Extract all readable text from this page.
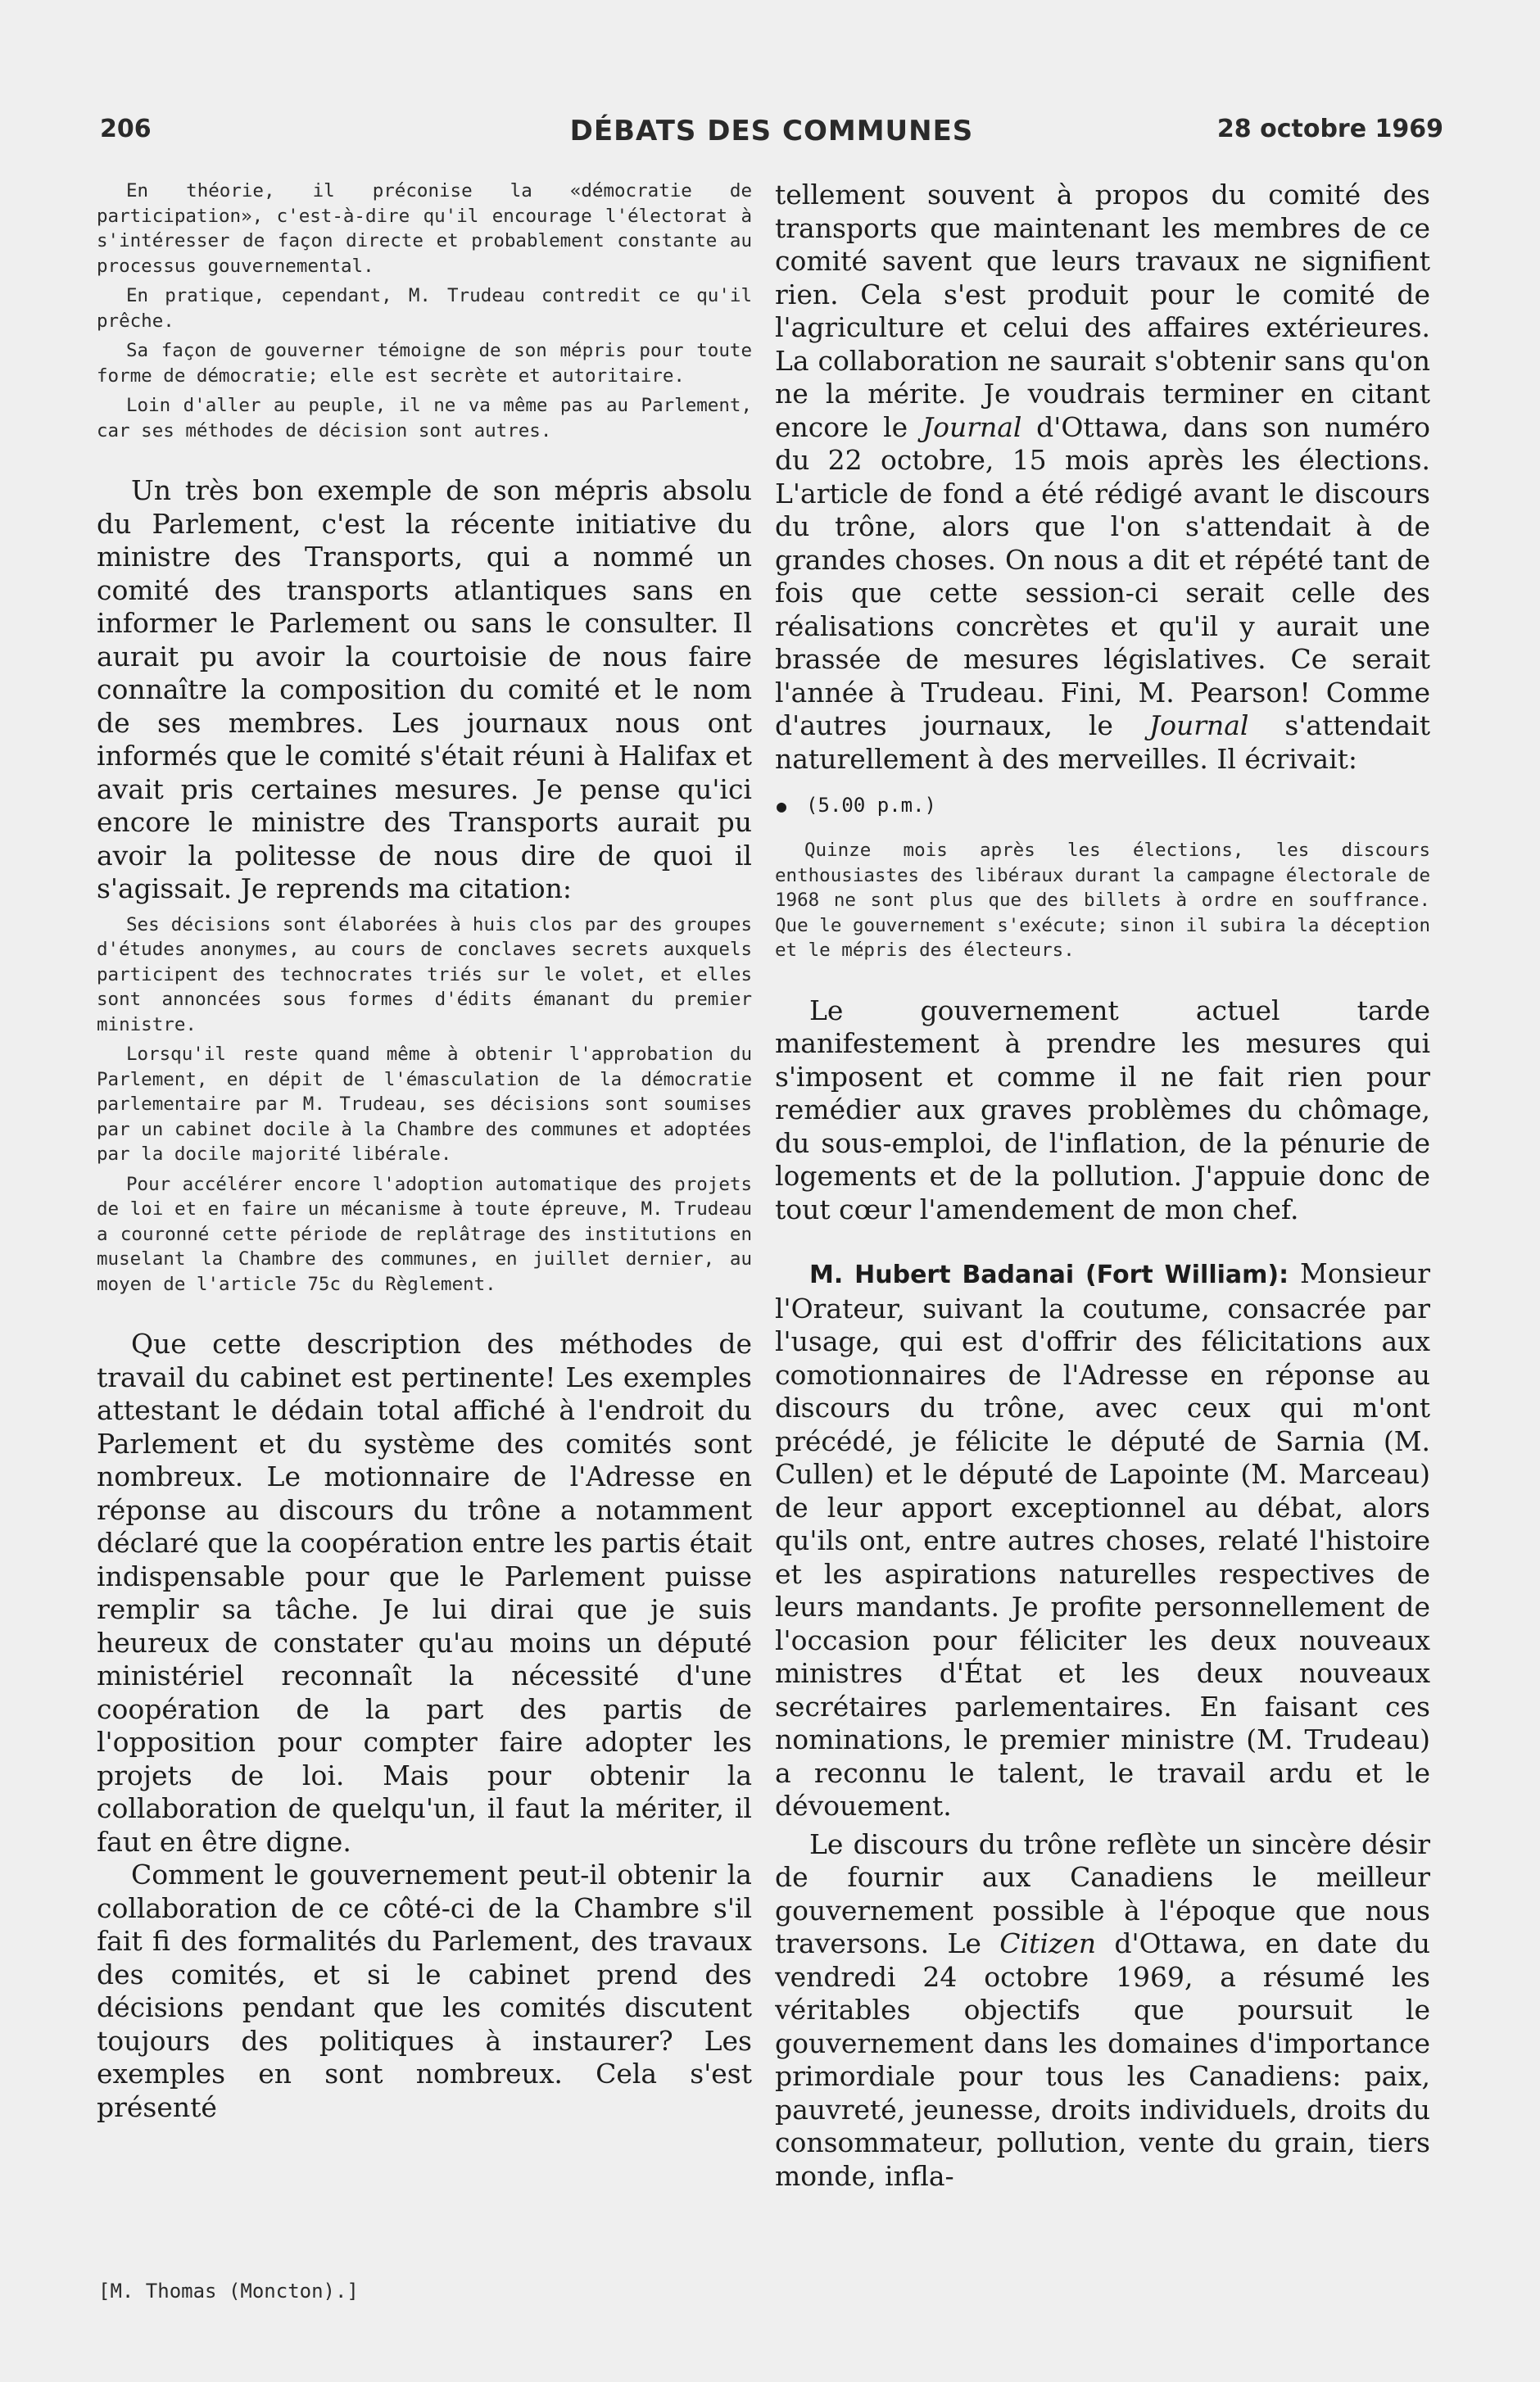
206	DÉBATS DES COMMUNES	28 octobre 1969

En théorie, il préconise la «démocratie de participation», c'est-à-dire qu'il encourage l'électorat à s'intéresser de façon directe et probablement constante au processus gouvernemental.

En pratique, cependant, M. Trudeau contredit ce qu'il prêche.

Sa façon de gouverner témoigne de son mépris pour toute forme de démocratie; elle est secrète et autoritaire.

Loin d'aller au peuple, il ne va même pas au Parlement, car ses méthodes de décision sont autres.

Un très bon exemple de son mépris absolu du Parlement, c'est la récente initiative du ministre des Transports, qui a nommé un comité des transports atlantiques sans en informer le Parlement ou sans le consulter. Il aurait pu avoir la courtoisie de nous faire connaître la composition du comité et le nom de ses membres. Les journaux nous ont informés que le comité s'était réuni à Halifax et avait pris certaines mesures. Je pense qu'ici encore le ministre des Transports aurait pu avoir la politesse de nous dire de quoi il s'agissait. Je reprends ma citation:

Ses décisions sont élaborées à huis clos par des groupes d'études anonymes, au cours de conclaves secrets auxquels participent des technocrates triés sur le volet, et elles sont annoncées sous formes d'édits émanant du premier ministre.

Lorsqu'il reste quand même à obtenir l'approbation du Parlement, en dépit de l'émasculation de la démocratie parlementaire par M. Trudeau, ses décisions sont soumises par un cabinet docile à la Chambre des communes et adoptées par la docile majorité libérale.

Pour accélérer encore l'adoption automatique des projets de loi et en faire un mécanisme à toute épreuve, M. Trudeau a couronné cette période de replâtrage des institutions en muselant la Chambre des communes, en juillet dernier, au moyen de l'article 75c du Règlement.

Que cette description des méthodes de travail du cabinet est pertinente! Les exemples attestant le dédain total affiché à l'endroit du Parlement et du système des comités sont nombreux. Le motionnaire de l'Adresse en réponse au discours du trône a notamment déclaré que la coopération entre les partis était indispensable pour que le Parlement puisse remplir sa tâche. Je lui dirai que je suis heureux de constater qu'au moins un député ministériel reconnaît la nécessité d'une coopération de la part des partis de l'opposition pour compter faire adopter les projets de loi. Mais pour obtenir la collaboration de quelqu'un, il faut la mériter, il faut en être digne.

Comment le gouvernement peut-il obtenir la collaboration de ce côté-ci de la Chambre s'il fait fi des formalités du Parlement, des travaux des comités, et si le cabinet prend des décisions pendant que les comités discutent toujours des politiques à instaurer? Les exemples en sont nombreux. Cela s'est présenté

[M. Thomas (Moncton).]

tellement souvent à propos du comité des transports que maintenant les membres de ce comité savent que leurs travaux ne signifient rien. Cela s'est produit pour le comité de l'agriculture et celui des affaires extérieures. La collaboration ne saurait s'obtenir sans qu'on ne la mérite. Je voudrais terminer en citant encore le Journal d'Ottawa, dans son numéro du 22 octobre, 15 mois après les élections. L'article de fond a été rédigé avant le discours du trône, alors que l'on s'attendait à de grandes choses. On nous a dit et répété tant de fois que cette session-ci serait celle des réalisations concrètes et qu'il y aurait une brassée de mesures législatives. Ce serait l'année à Trudeau. Fini, M. Pearson! Comme d'autres journaux, le Journal s'attendait naturellement à des merveilles. Il écrivait:

● (5.00 p.m.)

Quinze mois après les élections, les discours enthousiastes des libéraux durant la campagne électorale de 1968 ne sont plus que des billets à ordre en souffrance. Que le gouvernement s'exécute; sinon il subira la déception et le mépris des électeurs.

Le gouvernement actuel tarde manifestement à prendre les mesures qui s'imposent et comme il ne fait rien pour remédier aux graves problèmes du chômage, du sous-emploi, de l'inflation, de la pénurie de logements et de la pollution. J'appuie donc de tout cœur l'amendement de mon chef.

M. Hubert Badanai (Fort William): Monsieur l'Orateur, suivant la coutume, consacrée par l'usage, qui est d'offrir des félicitations aux comotionnaires de l'Adresse en réponse au discours du trône, avec ceux qui m'ont précédé, je félicite le député de Sarnia (M. Cullen) et le député de Lapointe (M. Marceau) de leur apport exceptionnel au débat, alors qu'ils ont, entre autres choses, relaté l'histoire et les aspirations naturelles respectives de leurs mandants. Je profite personnellement de l'occasion pour féliciter les deux nouveaux ministres d'État et les deux nouveaux secrétaires parlementaires. En faisant ces nominations, le premier ministre (M. Trudeau) a reconnu le talent, le travail ardu et le dévouement.

Le discours du trône reflète un sincère désir de fournir aux Canadiens le meilleur gouvernement possible à l'époque que nous traversons. Le Citizen d'Ottawa, en date du vendredi 24 octobre 1969, a résumé les véritables objectifs que poursuit le gouvernement dans les domaines d'importance primordiale pour tous les Canadiens: paix, pauvreté, jeunesse, droits individuels, droits du consommateur, pollution, vente du grain, tiers monde, infla-
